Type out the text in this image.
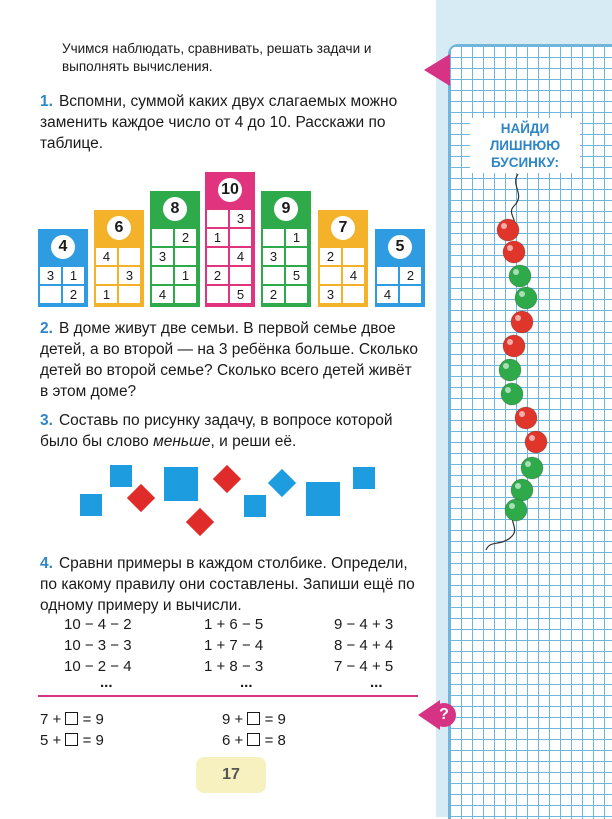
Учимся наблюдать, сравнивать, решать задачи и выполнять вычисления.
1. Вспомни, суммой каких двух слагаемых можно заменить каждое число от 4 до 10. Расскажи по таблице.
4
3	1
2
6
4
3
1
8
2
3
1
4
10
3
1
4
2
5
9
1
3
5
2
7
2
4
3
5
2
4
2. В доме живут две семьи. В первой семье двое детей, а во второй — на 3 ребёнка больше. Сколько детей во второй семье? Сколько всего детей живёт в этом доме?
3. Составь по рисунку задачу, в вопросе которой было бы слово меньше, и реши её.
4. Сравни примеры в каждом столбике. Определи, по какому правилу они составлены. Запиши ещё по одному примеру и вычисли.
10 − 4 − 2
10 − 3 − 3
10 − 2 − 4
...
1 + 6 − 5
1 + 7 − 4
1 + 8 − 3
...
9 − 4 + 3
8 − 4 + 4
7 − 4 + 5
...
7 + = 9
5 + = 9
9 + = 9
6 + = 8
17
?
НАЙДИ ЛИШНЮЮ БУСИНКУ:
